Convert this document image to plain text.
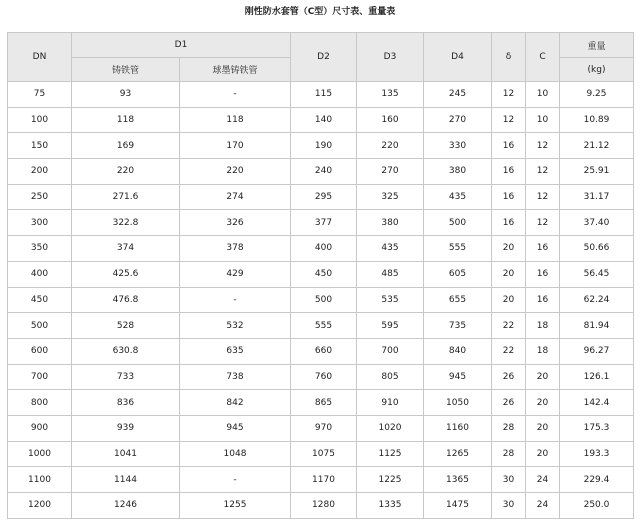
刚性防水套管（C型）尺寸表、重量表
DN	D1		D2	D3	D4	δ	C	重量
	铸铁管	球墨铸铁管						(kg)
75	93	-	115	135	245	12	10	9.25
100	118	118	140	160	270	12	10	10.89
150	169	170	190	220	330	16	12	21.12
200	220	220	240	270	380	16	12	25.91
250	271.6	274	295	325	435	16	12	31.17
300	322.8	326	377	380	500	16	12	37.40
350	374	378	400	435	555	20	16	50.66
400	425.6	429	450	485	605	20	16	56.45
450	476.8	-	500	535	655	20	16	62.24
500	528	532	555	595	735	22	18	81.94
600	630.8	635	660	700	840	22	18	96.27
700	733	738	760	805	945	26	20	126.1
800	836	842	865	910	1050	26	20	142.4
900	939	945	970	1020	1160	28	20	175.3
1000	1041	1048	1075	1125	1265	28	20	193.3
1100	1144	-	1170	1225	1365	30	24	229.4
1200	1246	1255	1280	1335	1475	30	24	250.0
